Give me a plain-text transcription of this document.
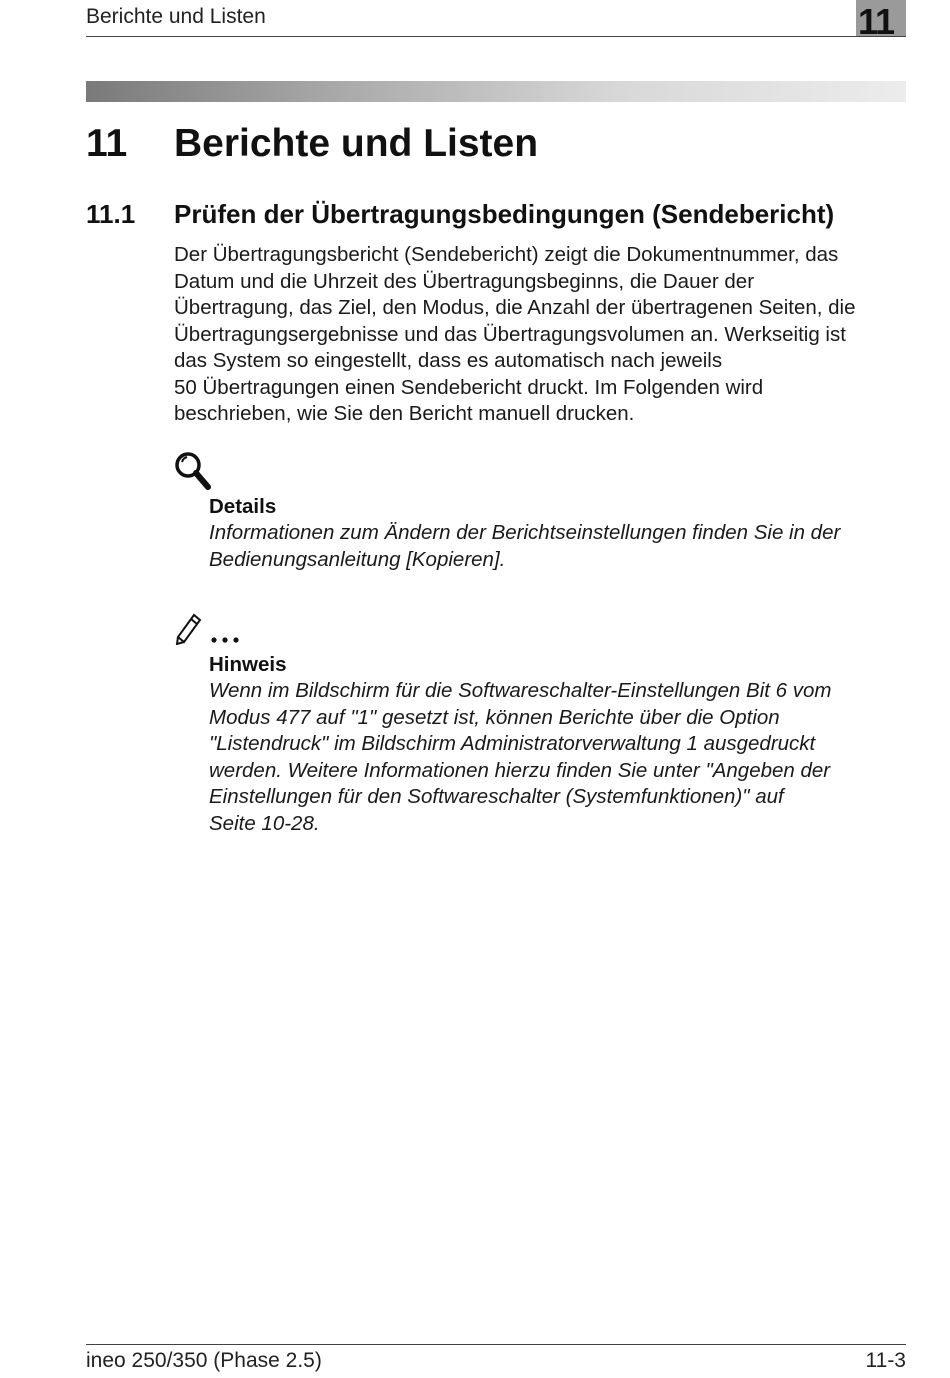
Berichte und Listen	11
11 Berichte und Listen
11.1 Prüfen der Übertragungsbedingungen (Sendebericht)
Der Übertragungsbericht (Sendebericht) zeigt die Dokumentnummer, das
Datum und die Uhrzeit des Übertragungsbeginns, die Dauer der
Übertragung, das Ziel, den Modus, die Anzahl der übertragenen Seiten, die
Übertragungsergebnisse und das Übertragungsvolumen an. Werkseitig ist
das System so eingestellt, dass es automatisch nach jeweils
50 Übertragungen einen Sendebericht druckt. Im Folgenden wird
beschrieben, wie Sie den Bericht manuell drucken.
Details
Informationen zum Ändern der Berichtseinstellungen finden Sie in der
Bedienungsanleitung [Kopieren].
Hinweis
Wenn im Bildschirm für die Softwareschalter-Einstellungen Bit 6 vom
Modus 477 auf "1" gesetzt ist, können Berichte über die Option
"Listendruck" im Bildschirm Administratorverwaltung 1 ausgedruckt
werden. Weitere Informationen hierzu finden Sie unter "Angeben der
Einstellungen für den Softwareschalter (Systemfunktionen)" auf
Seite 10-28.
ineo 250/350 (Phase 2.5)	11-3
